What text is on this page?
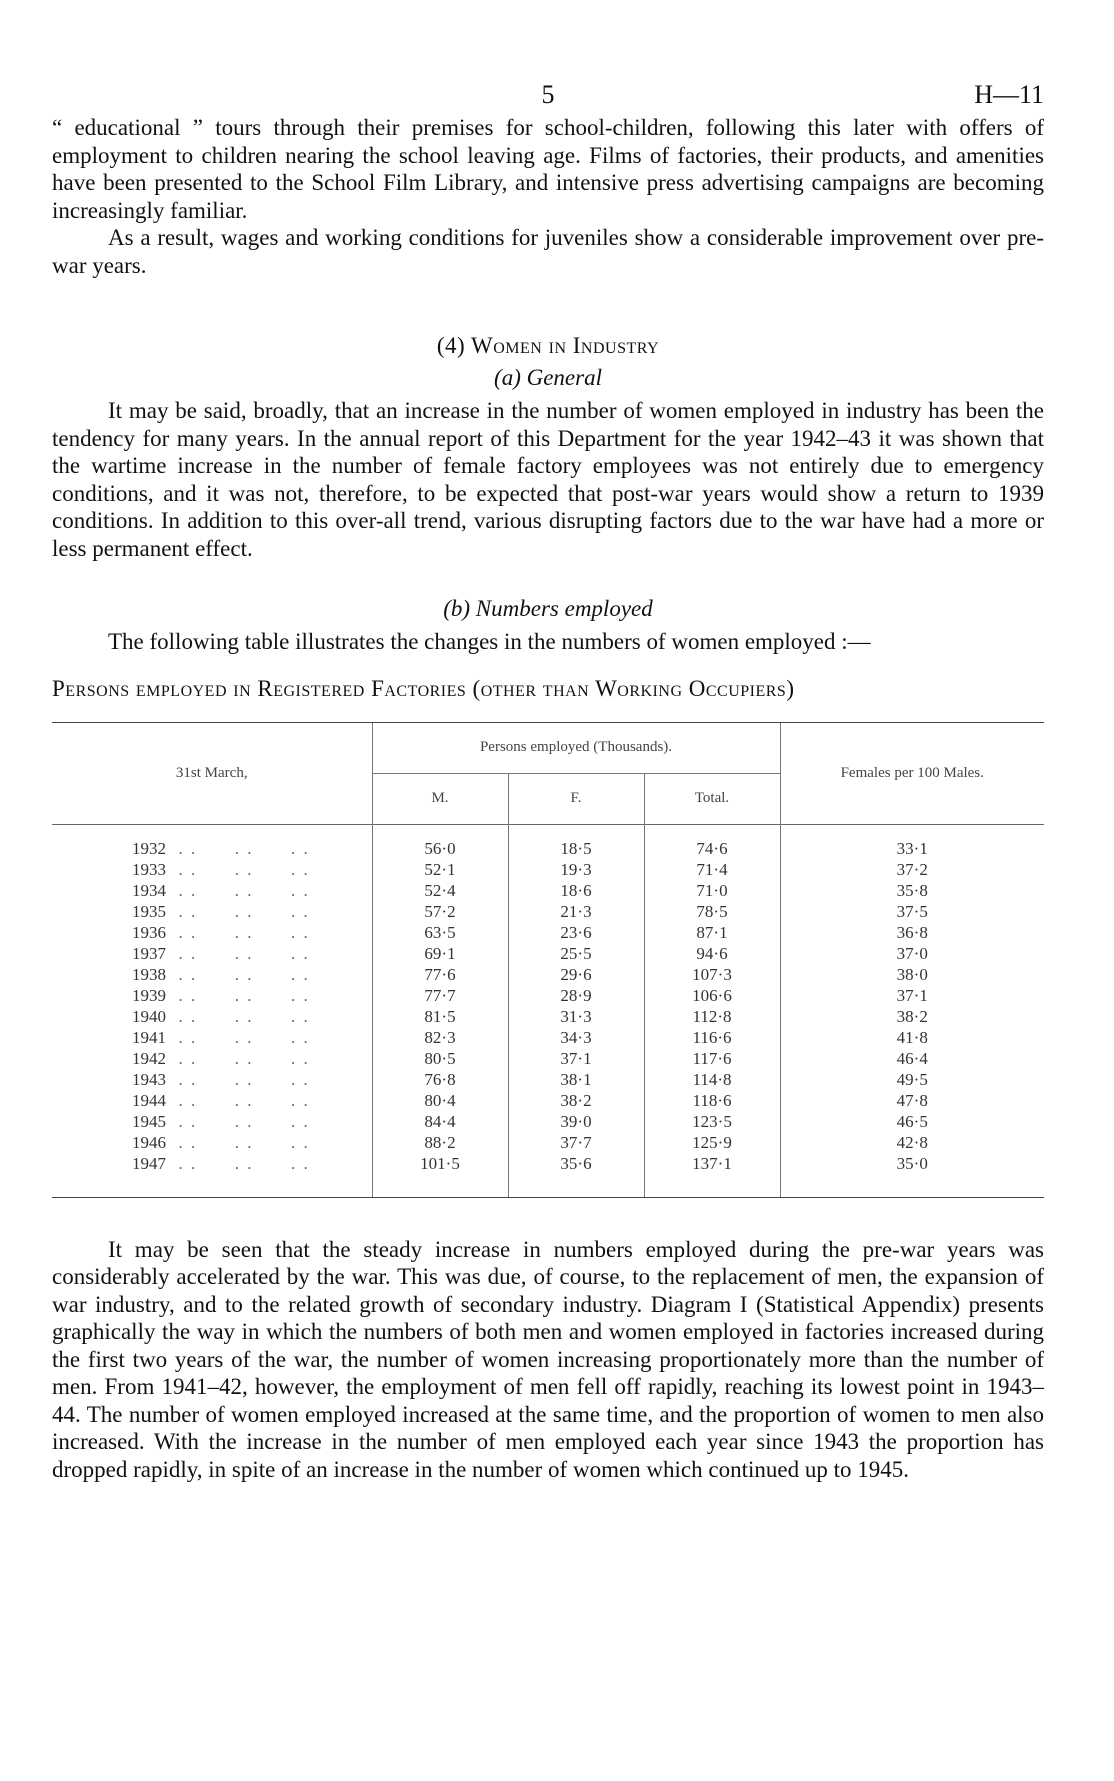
5	H—11

“ educational ” tours through their premises for school-children, following this later with offers of employment to children nearing the school leaving age. Films of factories, their products, and amenities have been presented to the School Film Library, and intensive press advertising campaigns are becoming increasingly familiar.

As a result, wages and working conditions for juveniles show a considerable improvement over pre-war years.

(4) Women in Industry
(a) General

It may be said, broadly, that an increase in the number of women employed in industry has been the tendency for many years. In the annual report of this Department for the year 1942–43 it was shown that the wartime increase in the number of female factory employees was not entirely due to emergency conditions, and it was not, therefore, to be expected that post-war years would show a return to 1939 conditions. In addition to this over-all trend, various disrupting factors due to the war have had a more or less permanent effect.

(b) Numbers employed

The following table illustrates the changes in the numbers of women employed :—

Persons employed in Registered Factories (other than Working Occupiers)
31st March,	Persons employed (Thousands).			Females per 100 Males.
	M.	F.	Total.	
1932  . .      . .      . .	56·0	18·5	74·6	33·1
1933  . .      . .      . .	52·1	19·3	71·4	37·2
1934  . .      . .      . .	52·4	18·6	71·0	35·8
1935  . .      . .      . .	57·2	21·3	78·5	37·5
1936  . .      . .      . .	63·5	23·6	87·1	36·8
1937  . .      . .      . .	69·1	25·5	94·6	37·0
1938  . .      . .      . .	77·6	29·6	107·3	38·0
1939  . .      . .      . .	77·7	28·9	106·6	37·1
1940  . .      . .      . .	81·5	31·3	112·8	38·2
1941  . .      . .      . .	82·3	34·3	116·6	41·8
1942  . .      . .      . .	80·5	37·1	117·6	46·4
1943  . .      . .      . .	76·8	38·1	114·8	49·5
1944  . .      . .      . .	80·4	38·2	118·6	47·8
1945  . .      . .      . .	84·4	39·0	123·5	46·5
1946  . .      . .      . .	88·2	37·7	125·9	42·8
1947  . .      . .      . .	101·5	35·6	137·1	35·0

It may be seen that the steady increase in numbers employed during the pre-war years was considerably accelerated by the war. This was due, of course, to the replacement of men, the expansion of war industry, and to the related growth of secondary industry. Diagram I (Statistical Appendix) presents graphically the way in which the numbers of both men and women employed in factories increased during the first two years of the war, the number of women increasing proportionately more than the number of men. From 1941–42, however, the employment of men fell off rapidly, reaching its lowest point in 1943–44. The number of women employed increased at the same time, and the proportion of women to men also increased. With the increase in the number of men employed each year since 1943 the proportion has dropped rapidly, in spite of an increase in the number of women which continued up to 1945.
